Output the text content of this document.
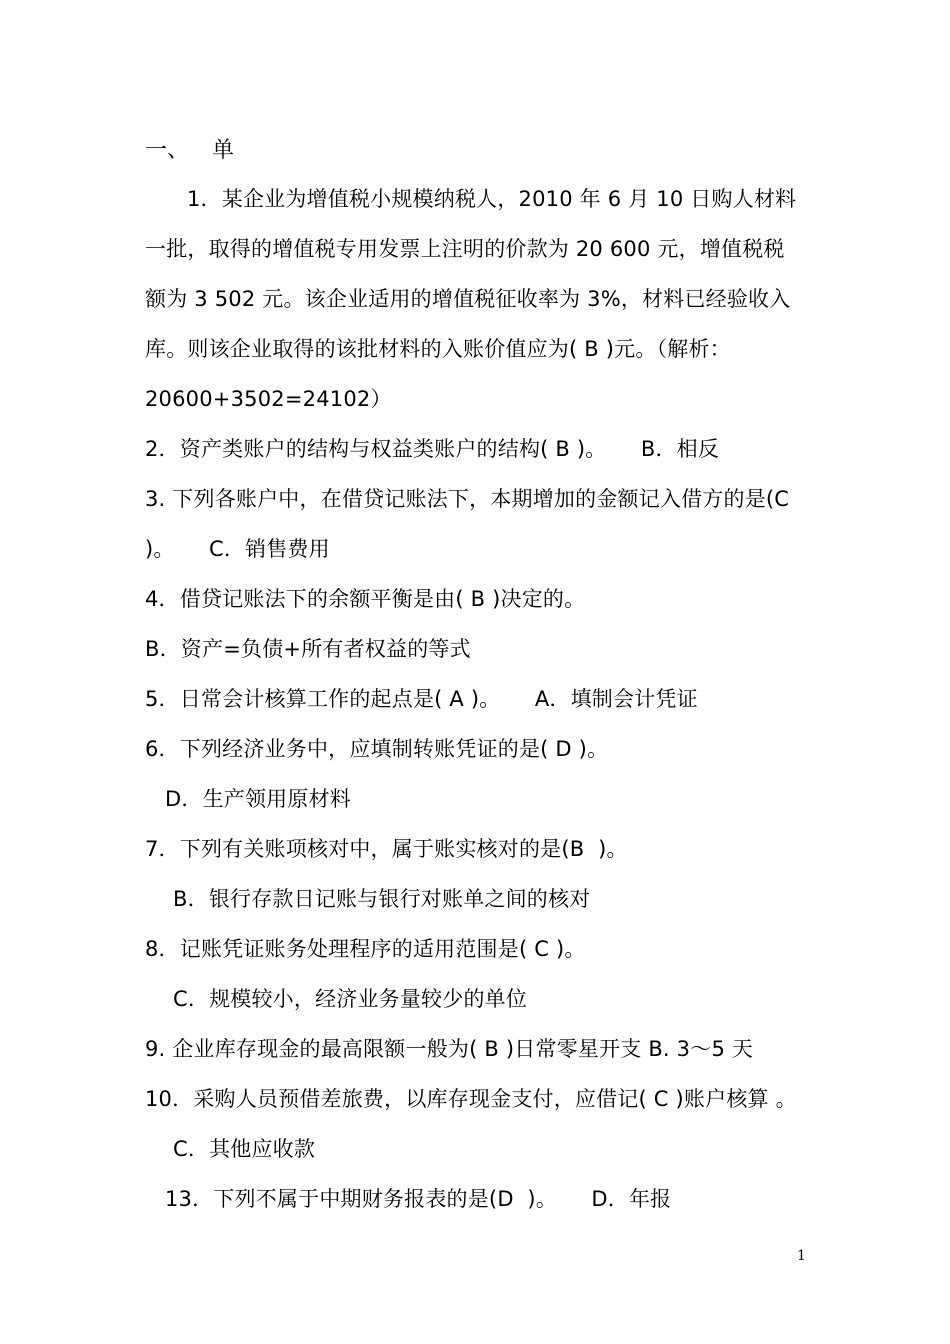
一、 单
1．某企业为增值税小规模纳税人，2010 年 6 月 10 日购人材料
一批，取得的增值税专用发票上注明的价款为 20 600 元，增值税税
额为 3 502 元。该企业适用的增值税征收率为 3%，材料已经验收入
库。则该企业取得的该批材料的入账价值应为( B )元。（解析：
20600+3502=24102）
2．资产类账户的结构与权益类账户的结构( B )。     B．相反
3. 下列各账户中，在借贷记账法下，本期增加的金额记入借方的是(C
)。     C．销售费用
4．借贷记账法下的余额平衡是由( B )决定的。
B．资产=负债+所有者权益的等式
5．日常会计核算工作的起点是( A )。     A．填制会计凭证
6．下列经济业务中，应填制转账凭证的是( D )。
D．生产领用原材料
7．下列有关账项核对中，属于账实核对的是(B  )。
B．银行存款日记账与银行对账单之间的核对
8．记账凭证账务处理程序的适用范围是( C )。
C．规模较小，经济业务量较少的单位
9. 企业库存现金的最高限额一般为( B )日常零星开支 B. 3～5 天
10．采购人员预借差旅费，以库存现金支付，应借记( C )账户核算 。
C．其他应收款
13．下列不属于中期财务报表的是(D  )。     D．年报
1
